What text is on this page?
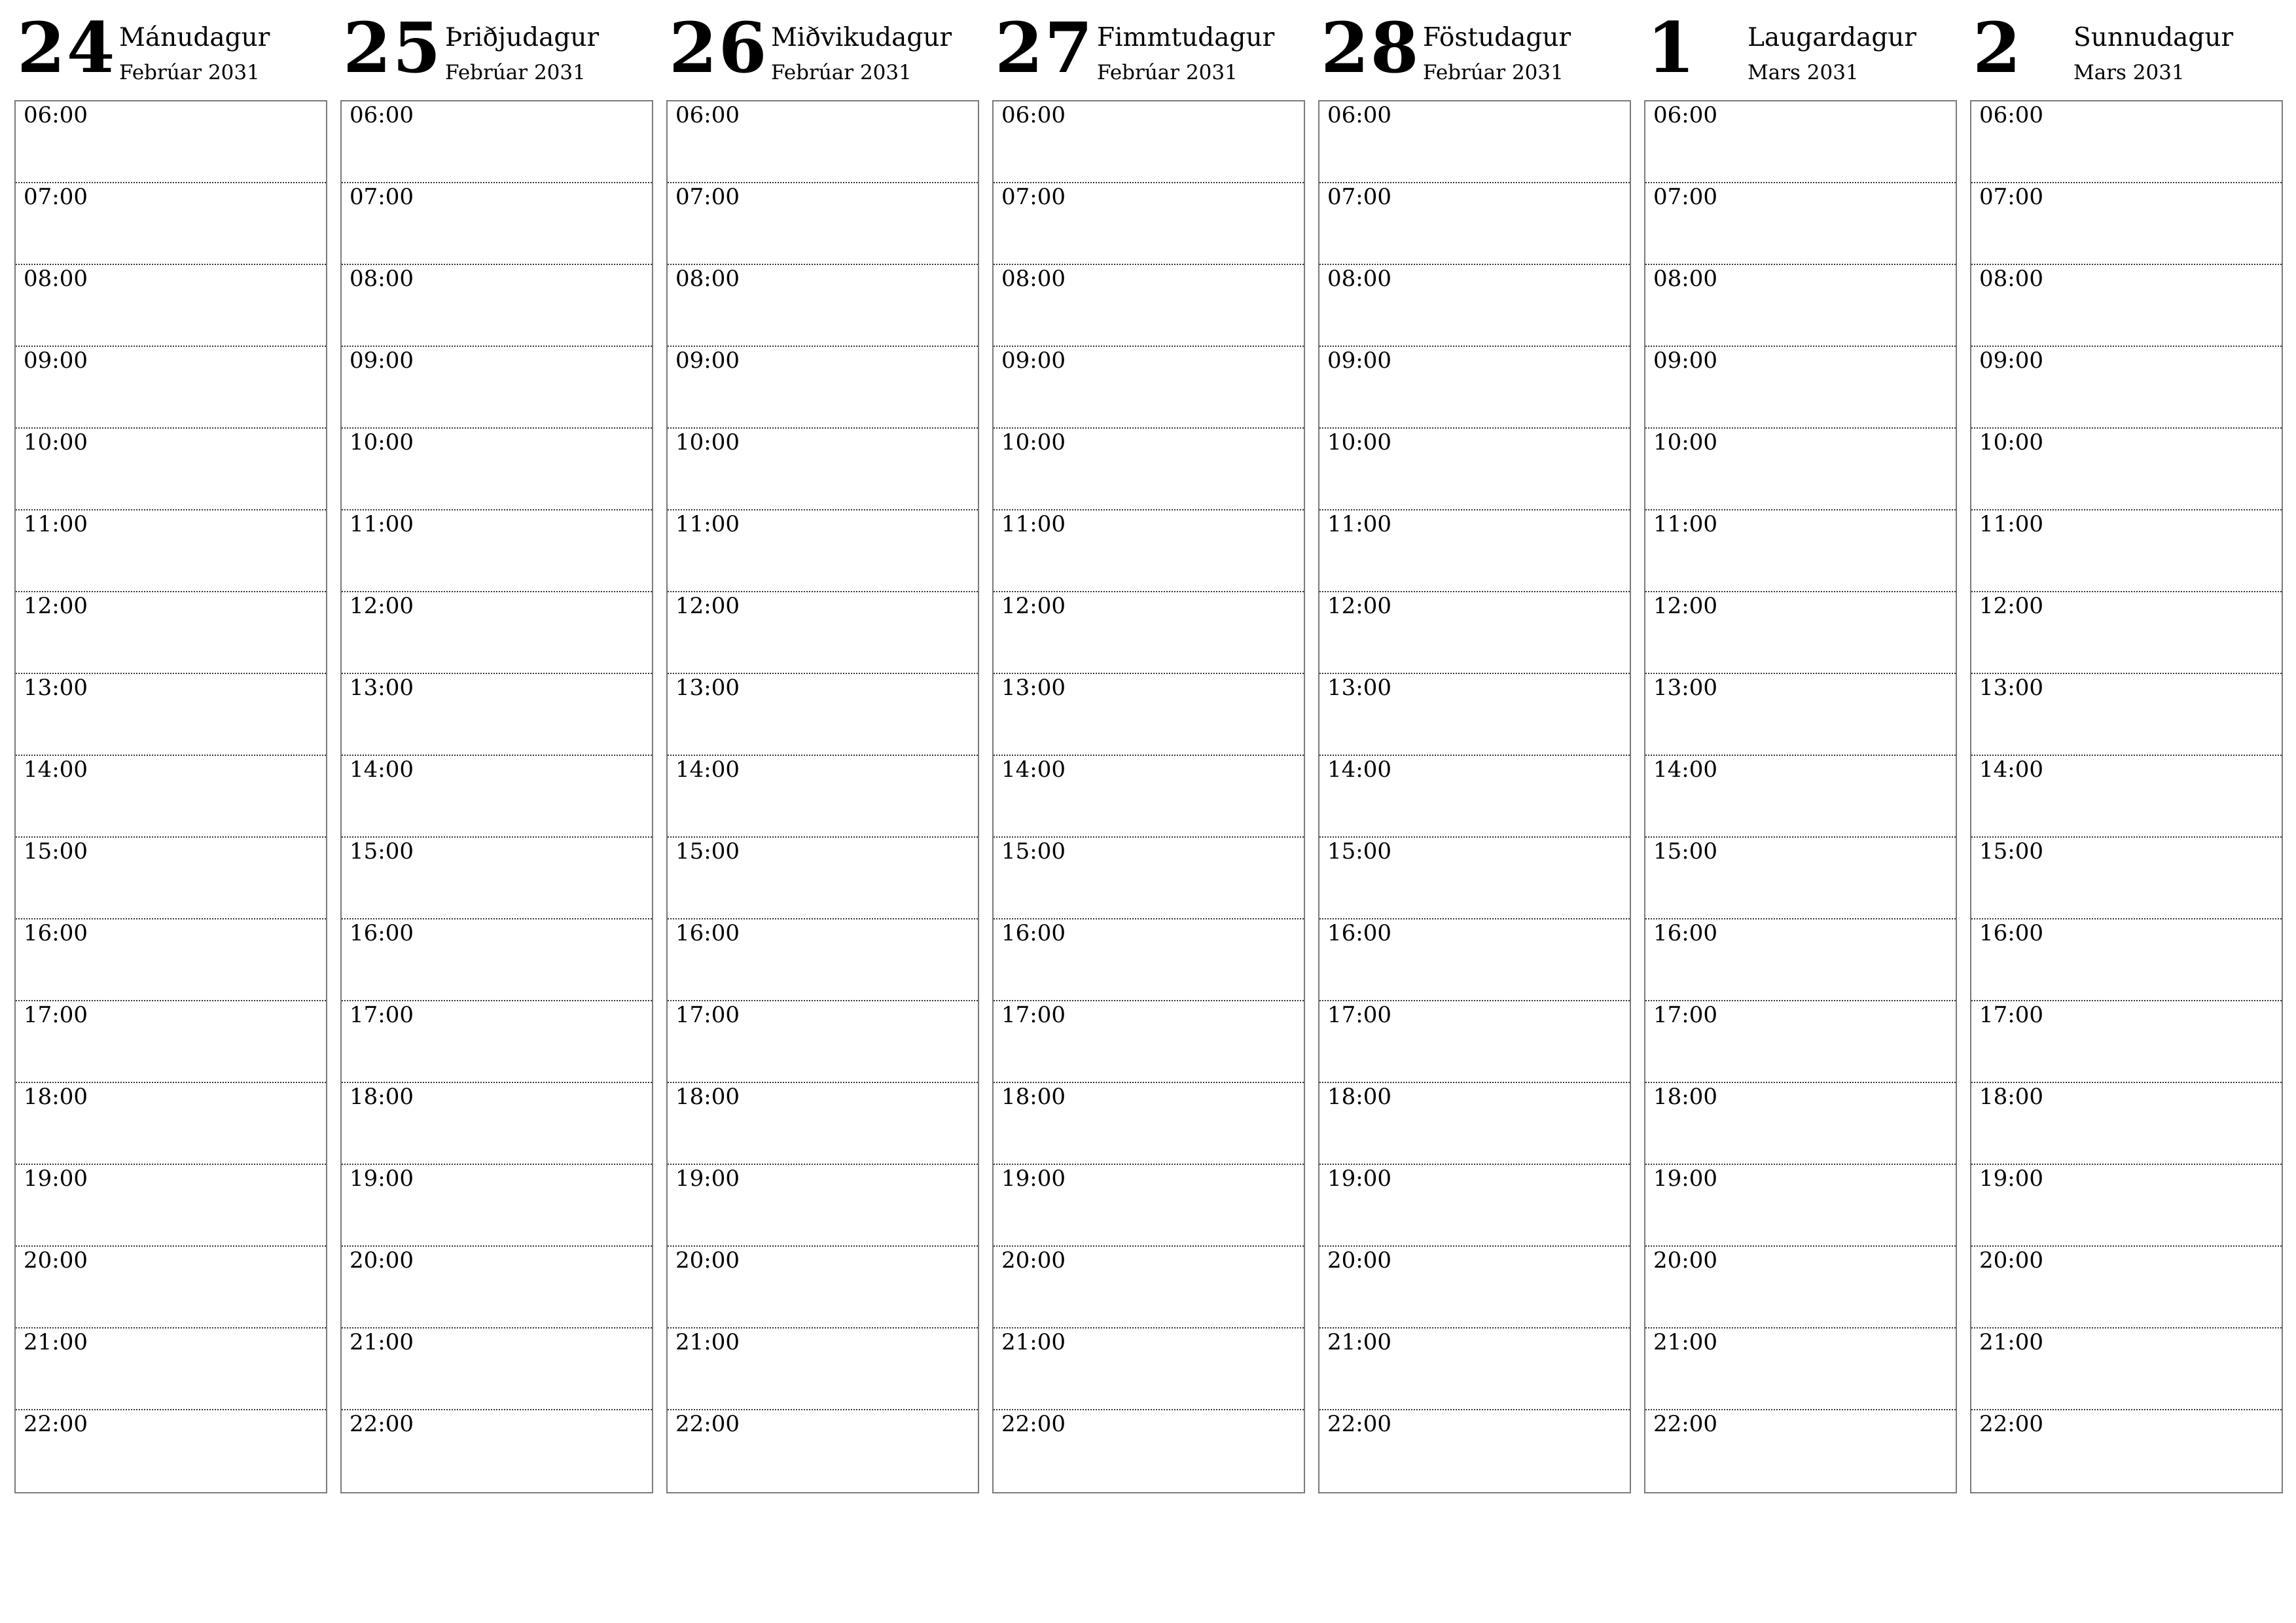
24 Mánudagur
Febrúar 2031
06:00
07:00
08:00
09:00
10:00
11:00
12:00
13:00
14:00
15:00
16:00
17:00
18:00
19:00
20:00
21:00
22:00
25 Þriðjudagur
Febrúar 2031
06:00
07:00
08:00
09:00
10:00
11:00
12:00
13:00
14:00
15:00
16:00
17:00
18:00
19:00
20:00
21:00
22:00
26 Miðvikudagur
Febrúar 2031
06:00
07:00
08:00
09:00
10:00
11:00
12:00
13:00
14:00
15:00
16:00
17:00
18:00
19:00
20:00
21:00
22:00
27 Fimmtudagur
Febrúar 2031
06:00
07:00
08:00
09:00
10:00
11:00
12:00
13:00
14:00
15:00
16:00
17:00
18:00
19:00
20:00
21:00
22:00
28 Föstudagur
Febrúar 2031
06:00
07:00
08:00
09:00
10:00
11:00
12:00
13:00
14:00
15:00
16:00
17:00
18:00
19:00
20:00
21:00
22:00
1 Laugardagur
Mars 2031
06:00
07:00
08:00
09:00
10:00
11:00
12:00
13:00
14:00
15:00
16:00
17:00
18:00
19:00
20:00
21:00
22:00
2 Sunnudagur
Mars 2031
06:00
07:00
08:00
09:00
10:00
11:00
12:00
13:00
14:00
15:00
16:00
17:00
18:00
19:00
20:00
21:00
22:00
